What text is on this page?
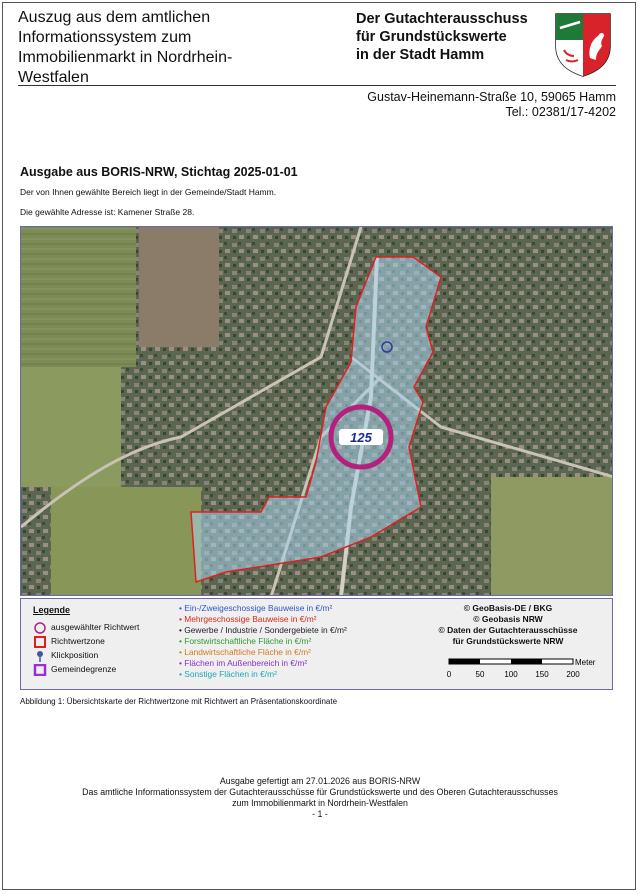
Auszug aus dem amtlichen
Informationssystem zum
Immobilienmarkt in Nordrhein-
Westfalen
Der Gutachterausschuss
für Grundstückswerte
in der Stadt Hamm
Gustav-Heinemann-Straße 10, 59065 Hamm
Tel.: 02381/17-4202
Ausgabe aus BORIS-NRW, Stichtag 2025-01-01
Der von Ihnen gewählte Bereich liegt in der Gemeinde/Stadt Hamm.
Die gewählte Adresse ist: Kamener Straße 28.
125
Legende
ausgewählter Richtwert
Richtwertzone
Klickposition
Gemeindegrenze
• Ein-/Zweigeschossige Bauweise in €/m²
• Mehrgeschossige Bauweise in €/m²
• Gewerbe / Industrie / Sondergebiete in €/m²
• Forstwirtschaftliche Fläche in €/m²
• Landwirtschaftliche Fläche in €/m²
• Flächen im Außenbereich in €/m²
• Sonstige Flächen in €/m²
© GeoBasis-DE / BKG
© Geobasis NRW
© Daten der Gutachterausschüsse
für Grundstückswerte NRW
Meter
0	50 100 150 200
Abbildung 1: Übersichtskarte der Richtwertzone mit Richtwert an Präsentationskoordinate
Ausgabe gefertigt am 27.01.2026 aus BORIS-NRW
Das amtliche Informationssystem der Gutachterausschüsse für Grundstückswerte und des Oberen Gutachterausschusses
zum Immobilienmarkt in Nordrhein-Westfalen
- 1 -
